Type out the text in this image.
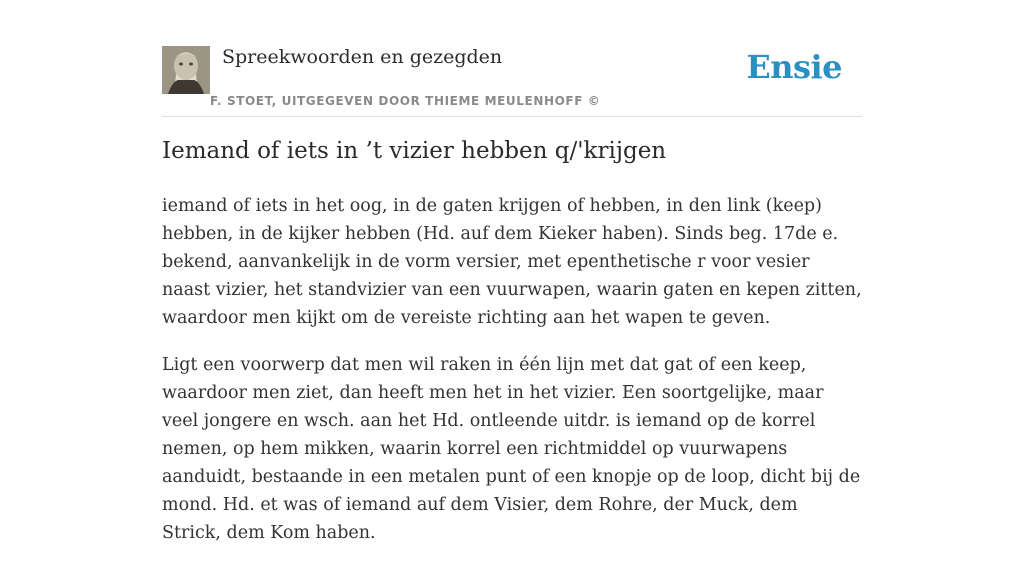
Spreekwoorden en gezegden
F. STOET, UITGEGEVEN DOOR THIEME MEULENHOFF ©
Ensie
Iemand of iets in ’t vizier hebben q/'krijgen

iemand of iets in het oog, in de gaten krijgen of hebben, in den link (keep) hebben, in de kijker hebben (Hd. auf dem Kieker haben). Sinds beg. 17de e. bekend, aanvankelijk in de vorm versier, met epenthetische r voor vesier naast vizier, het standvizier van een vuurwapen, waarin gaten en kepen zitten, waardoor men kijkt om de vereiste richting aan het wapen te geven.

Ligt een voorwerp dat men wil raken in één lijn met dat gat of een keep, waardoor men ziet, dan heeft men het in het vizier. Een soortgelijke, maar veel jongere en wsch. aan het Hd. ontleende uitdr. is iemand op de korrel nemen, op hem mikken, waarin korrel een richtmiddel op vuurwapens aanduidt, bestaande in een metalen punt of een knopje op de loop, dicht bij de mond. Hd. et was of iemand auf dem Visier, dem Rohre, der Muck, dem Strick, dem Kom haben.
